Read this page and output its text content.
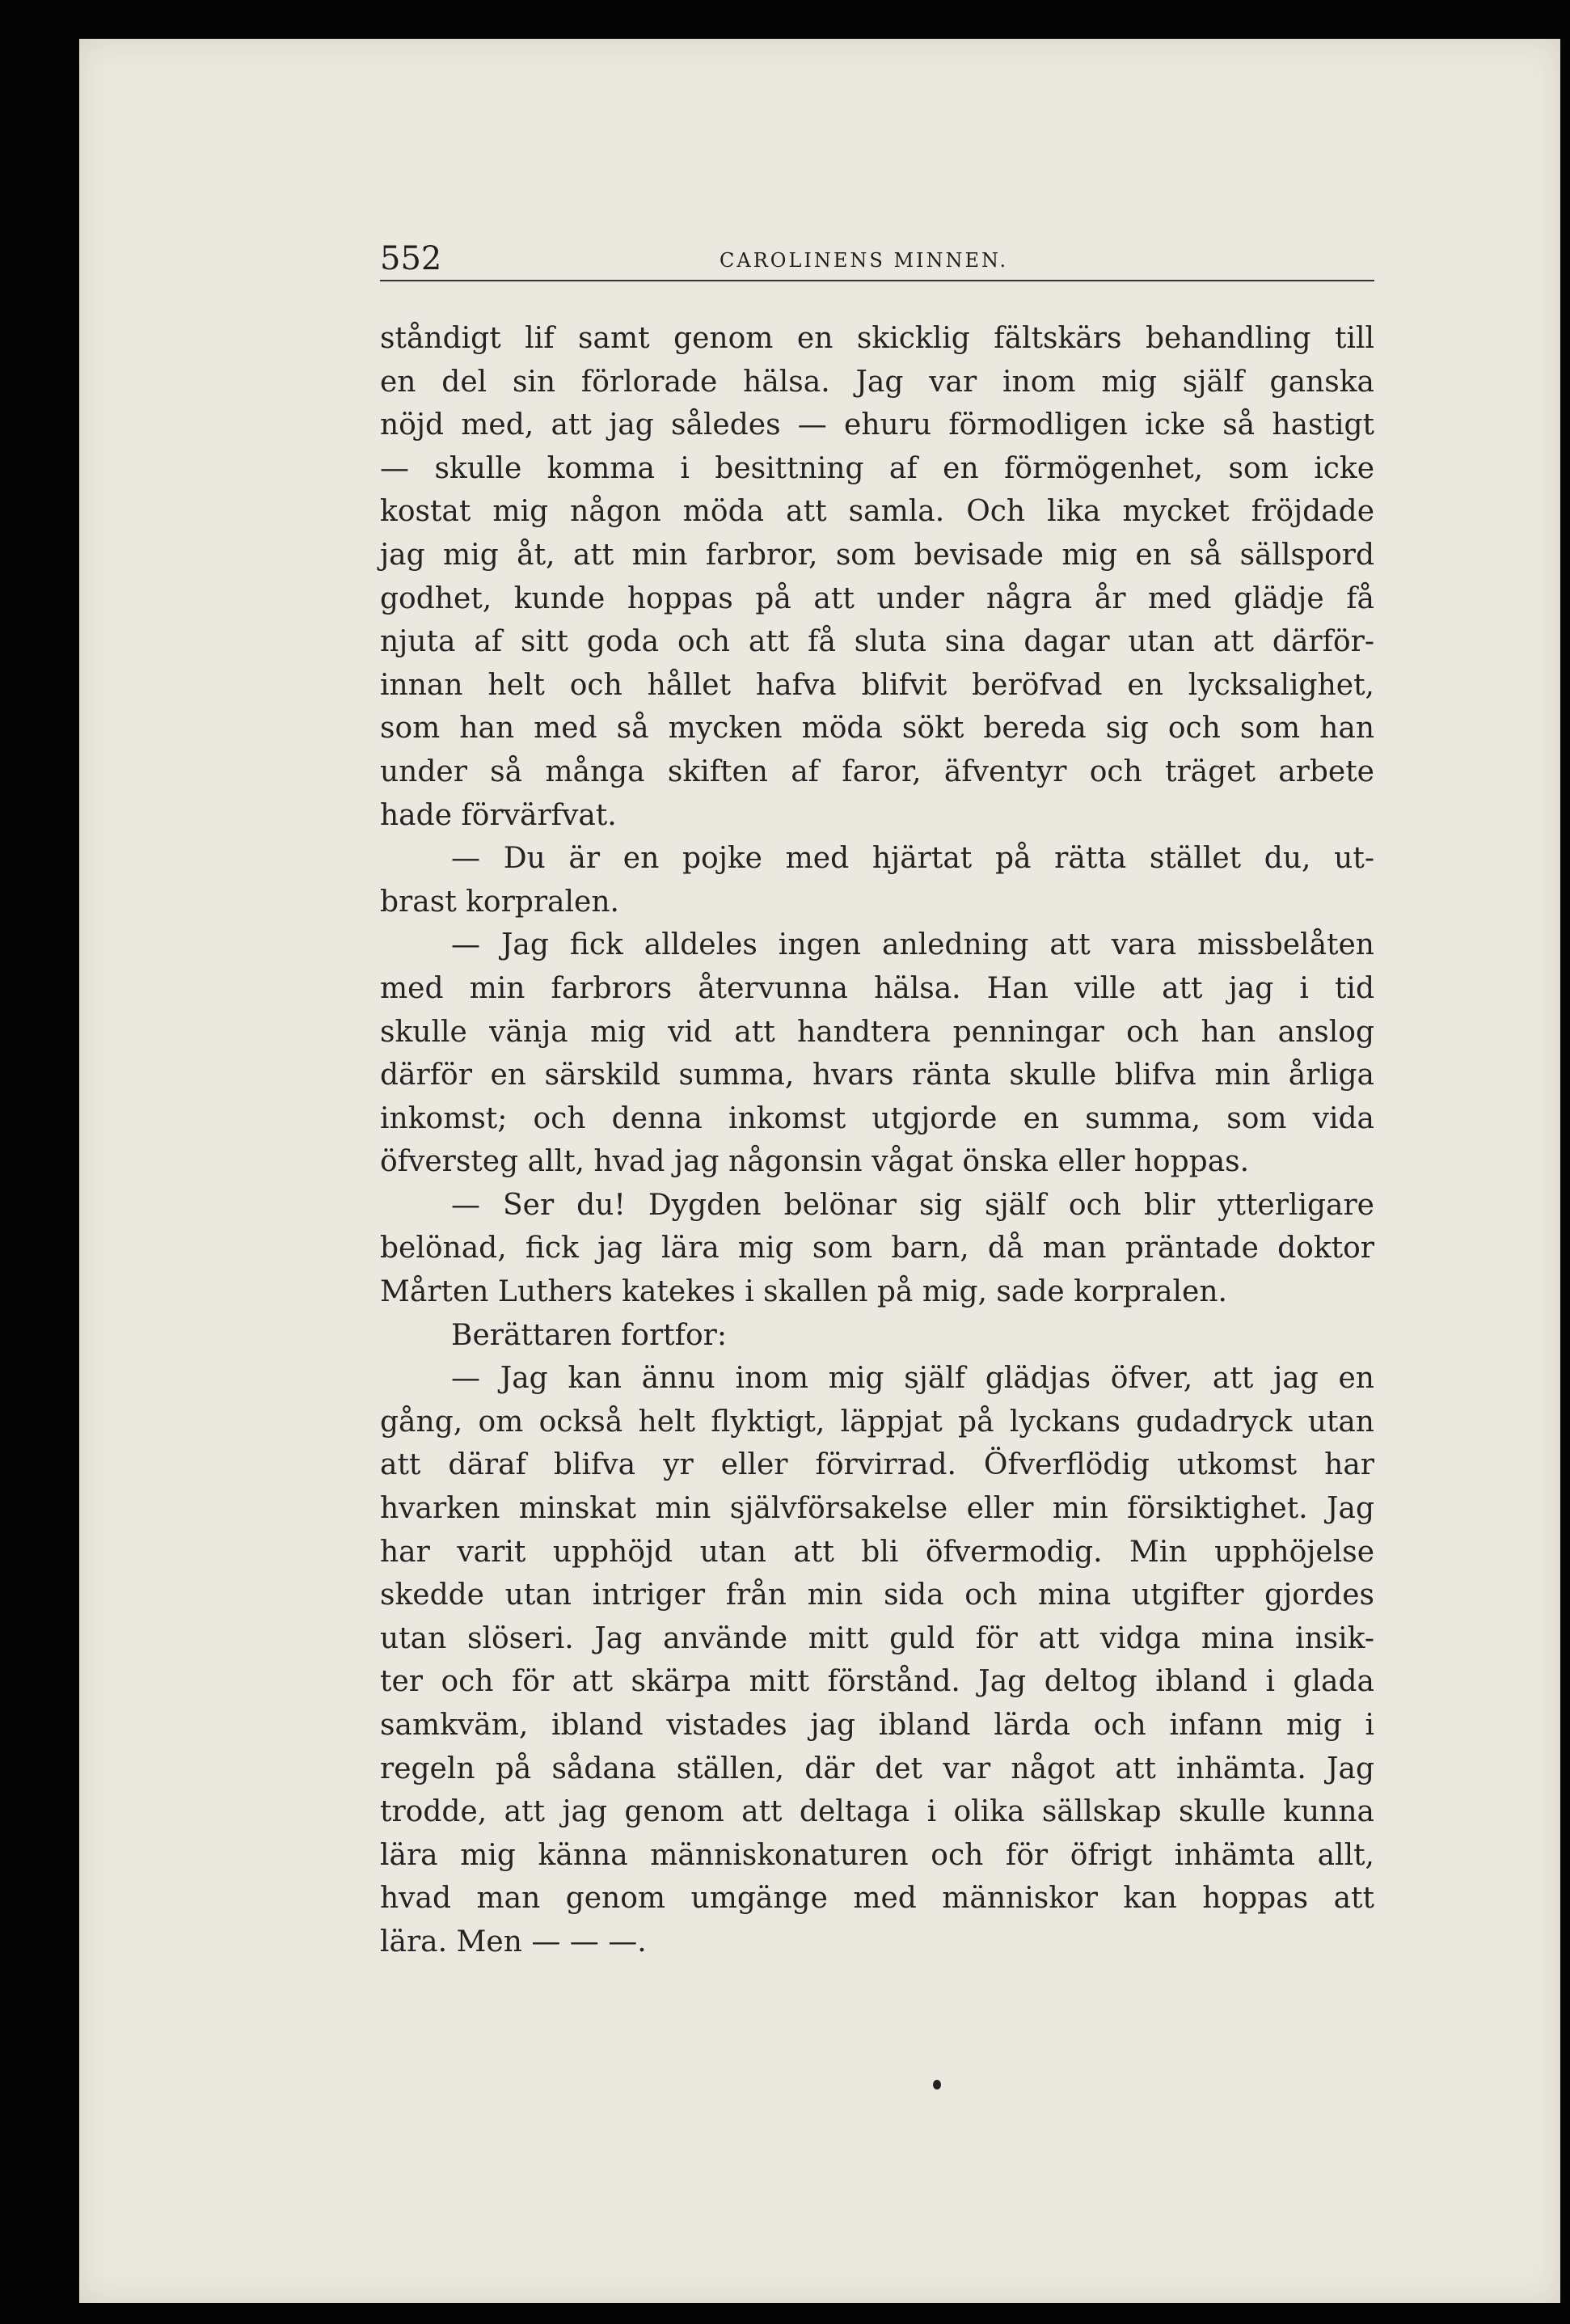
552	CAROLINENS MINNEN.
ståndigt lif samt genom en skicklig fältskärs behandling till
en del sin förlorade hälsa. Jag var inom mig själf ganska
nöjd med, att jag således — ehuru förmodligen icke så hastigt
— skulle komma i besittning af en förmögenhet, som icke
kostat mig någon möda att samla. Och lika mycket fröjdade
jag mig åt, att min farbror, som bevisade mig en så sällspord
godhet, kunde hoppas på att under några år med glädje få
njuta af sitt goda och att få sluta sina dagar utan att därför-
innan helt och hållet hafva blifvit beröfvad en lycksalighet,
som han med så mycken möda sökt bereda sig och som han
under så många skiften af faror, äfventyr och träget arbete
hade förvärfvat.
— Du är en pojke med hjärtat på rätta stället du, ut-
brast korpralen.
— Jag fick alldeles ingen anledning att vara missbelåten
med min farbrors återvunna hälsa. Han ville att jag i tid
skulle vänja mig vid att handtera penningar och han anslog
därför en särskild summa, hvars ränta skulle blifva min årliga
inkomst; och denna inkomst utgjorde en summa, som vida
öfversteg allt, hvad jag någonsin vågat önska eller hoppas.
— Ser du! Dygden belönar sig själf och blir ytterligare
belönad, fick jag lära mig som barn, då man präntade doktor
Mårten Luthers katekes i skallen på mig, sade korpralen.
Berättaren fortfor:
— Jag kan ännu inom mig själf glädjas öfver, att jag en
gång, om också helt flyktigt, läppjat på lyckans gudadryck utan
att däraf blifva yr eller förvirrad. Öfverflödig utkomst har
hvarken minskat min självförsakelse eller min försiktighet. Jag
har varit upphöjd utan att bli öfvermodig. Min upphöjelse
skedde utan intriger från min sida och mina utgifter gjordes
utan slöseri. Jag använde mitt guld för att vidga mina insik-
ter och för att skärpa mitt förstånd. Jag deltog ibland i glada
samkväm, ibland vistades jag ibland lärda och infann mig i
regeln på sådana ställen, där det var något att inhämta. Jag
trodde, att jag genom att deltaga i olika sällskap skulle kunna
lära mig känna människonaturen och för öfrigt inhämta allt,
hvad man genom umgänge med människor kan hoppas att
lära. Men — — —.
